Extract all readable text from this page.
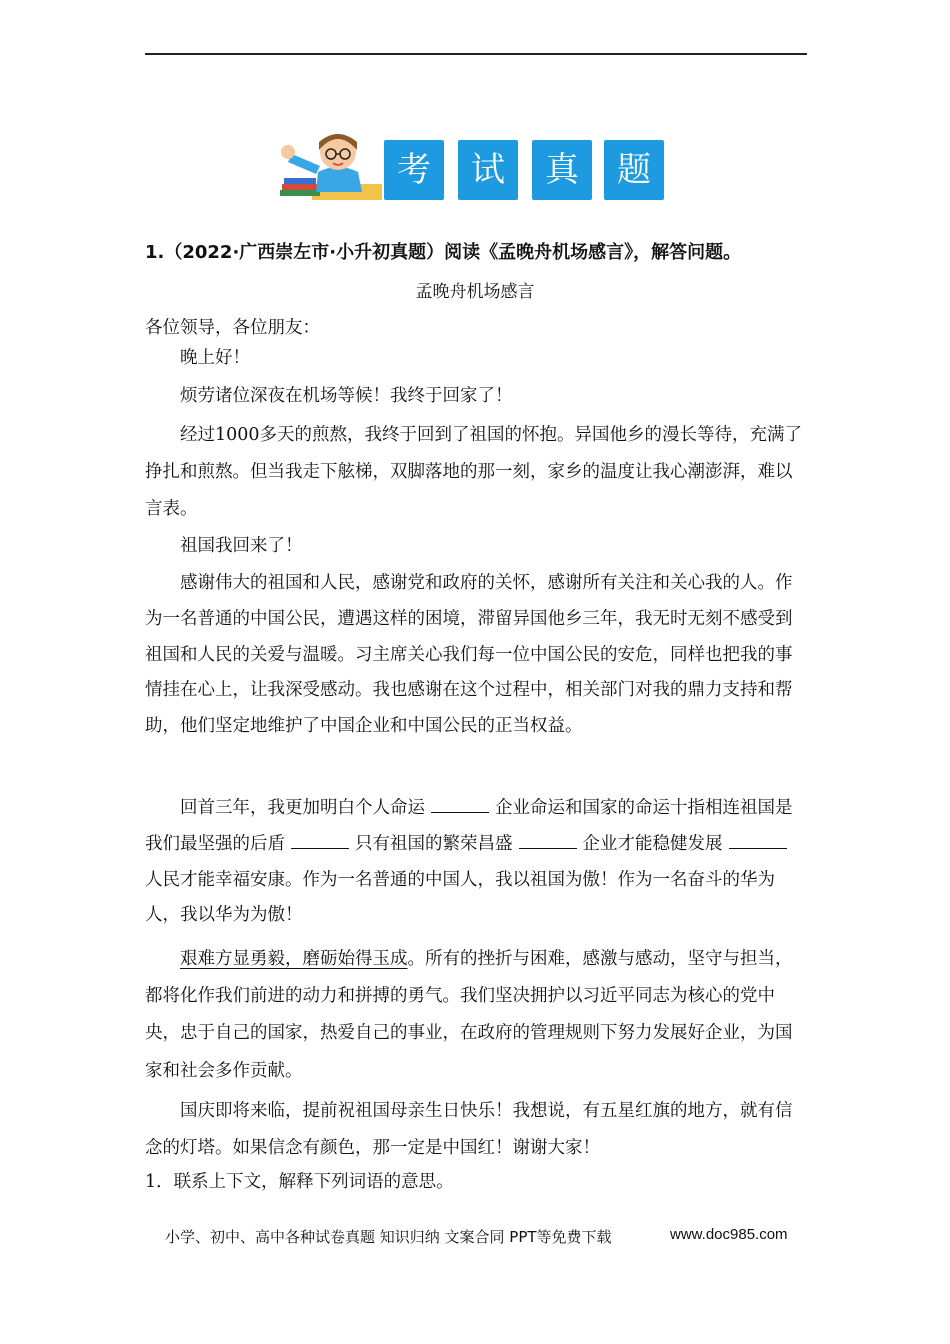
考	试	真	题
1.（2022·广西崇左市·小升初真题）阅读《孟晚舟机场感言》，解答问题。
孟晚舟机场感言
各位领导，各位朋友：
晚上好！
烦劳诸位深夜在机场等候！我终于回家了！
经过1000多天的煎熬，我终于回到了祖国的怀抱。异国他乡的漫长等待，充满了挣扎和煎熬。但当我走下舷梯，双脚落地的那一刻，家乡的温度让我心潮澎湃，难以言表。
祖国我回来了！
感谢伟大的祖国和人民，感谢党和政府的关怀，感谢所有关注和关心我的人。作为一名普通的中国公民，遭遇这样的困境，滞留异国他乡三年，我无时无刻不感受到祖国和人民的关爱与温暖。习主席关心我们每一位中国公民的安危，同样也把我的事情挂在心上，让我深受感动。我也感谢在这个过程中，相关部门对我的鼎力支持和帮助，他们坚定地维护了中国企业和中国公民的正当权益。
回首三年，我更加明白个人命运	企业命运和国家的命运十指相连祖国是我们最坚强的后盾	只有祖国的繁荣昌盛	企业才能稳健发展人民才能幸福安康。作为一名普通的中国人，我以祖国为傲！作为一名奋斗的华为人，我以华为为傲！
艰难方显勇毅，磨砺始得玉成。所有的挫折与困难，感激与感动，坚守与担当，都将化作我们前进的动力和拼搏的勇气。我们坚决拥护以习近平同志为核心的党中央，忠于自己的国家，热爱自己的事业，在政府的管理规则下努力发展好企业，为国家和社会多作贡献。
国庆即将来临，提前祝祖国母亲生日快乐！我想说，有五星红旗的地方，就有信念的灯塔。如果信念有颜色，那一定是中国红！谢谢大家！
1．联系上下文，解释下列词语的意思。
小学、初中、高中各种试卷真题 知识归纳 文案合同 PPT等免费下载	www.doc985.com
